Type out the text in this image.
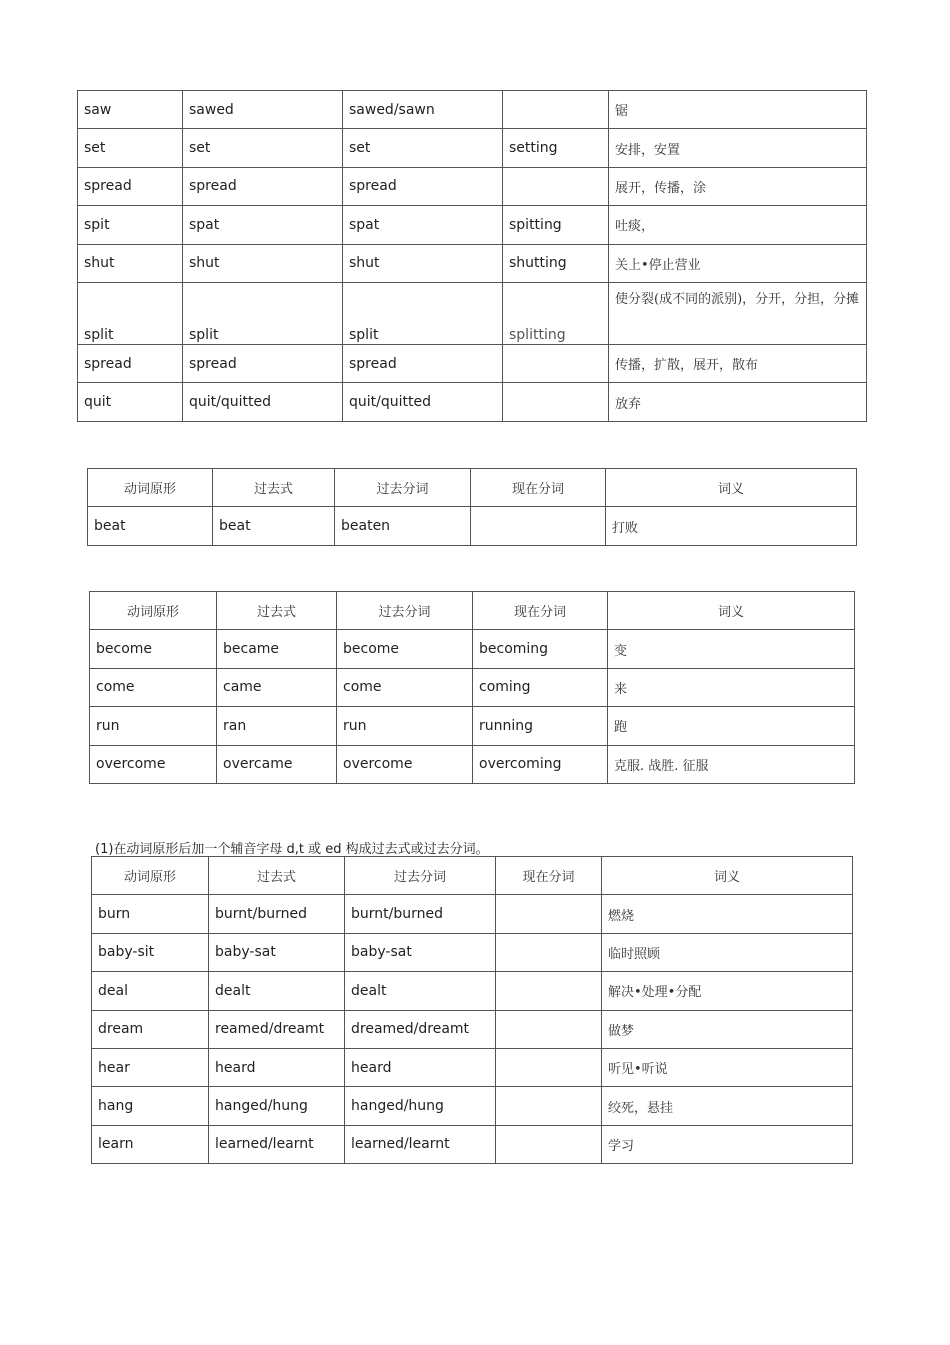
saw	sawed	sawed/sawn		锯
set	set	set	setting	安排，安置
spread	spread	spread		展开，传播，涂
spit	spat	spat	spitting	吐痰，
shut	shut	shut	shutting	关上•停止营业
split	split	split	splitting	使分裂(成不同的派别)，分开，分担，分摊
spread	spread	spread		传播，扩散，展开，散布
quit	quit/quitted	quit/quitted		放弃
动词原形	过去式	过去分词	现在分词	词义
beat	beat	beaten		打败
动词原形	过去式	过去分词	现在分词	词义
become	became	become	becoming	变
come	came	come	coming	来
run	ran	run	running	跑
overcome	overcame	overcome	overcoming	克服. 战胜. 征服
(1)在动词原形后加一个辅音字母 d,t 或 ed 构成过去式或过去分词。
动词原形	过去式	过去分词	现在分词	词义
burn	burnt/burned	burnt/burned		燃烧
baby-sit	baby-sat	baby-sat		临时照顾
deal	dealt	dealt		解决•处理•分配
dream	reamed/dreamt	dreamed/dreamt		做梦
hear	heard	heard		听见•听说
hang	hanged/hung	hanged/hung		绞死，悬挂
learn	learned/learnt	learned/learnt		学习
